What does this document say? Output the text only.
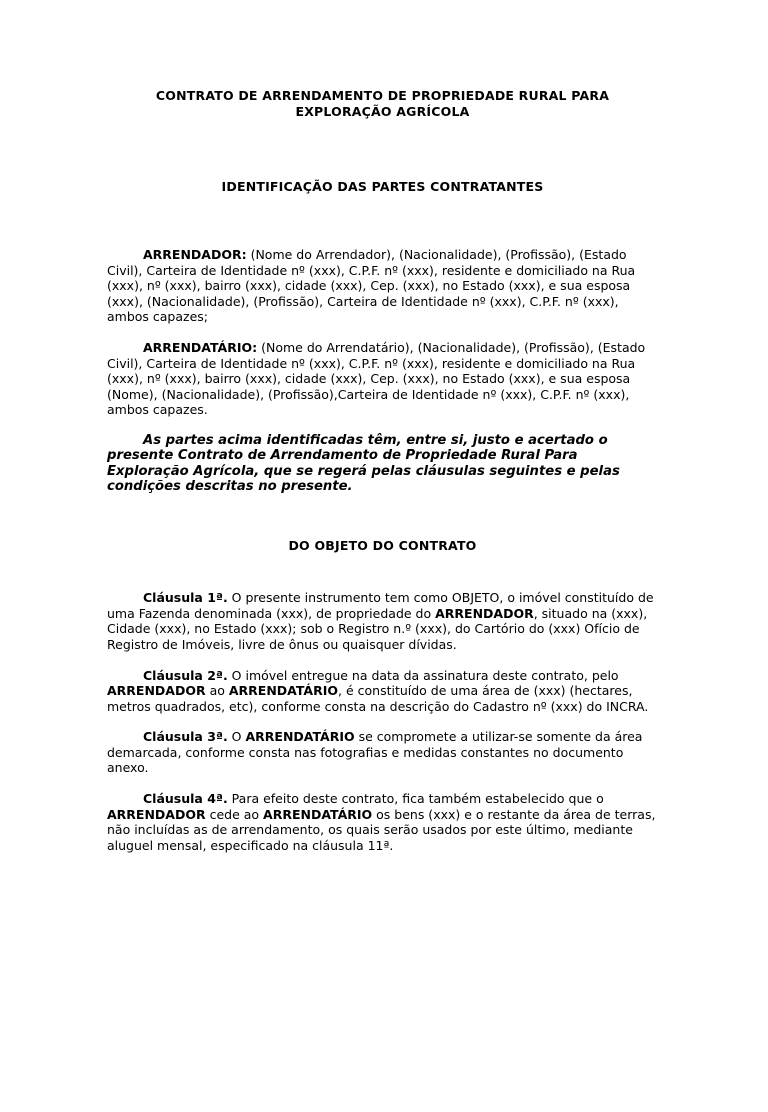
CONTRATO DE ARRENDAMENTO DE PROPRIEDADE RURAL PARA EXPLORAÇÃO AGRÍCOLA
IDENTIFICAÇÃO DAS PARTES CONTRATANTES

ARRENDADOR: (Nome do Arrendador), (Nacionalidade), (Profissão), (Estado Civil), Carteira de Identidade nº (xxx), C.P.F. nº (xxx), residente e domiciliado na Rua (xxx), nº (xxx), bairro (xxx), cidade (xxx), Cep. (xxx), no Estado (xxx), e sua esposa (xxx), (Nacionalidade), (Profissão), Carteira de Identidade nº (xxx), C.P.F. nº (xxx), ambos capazes;

ARRENDATÁRIO: (Nome do Arrendatário), (Nacionalidade), (Profissão), (Estado Civil), Carteira de Identidade nº (xxx), C.P.F. nº (xxx), residente e domiciliado na Rua (xxx), nº (xxx), bairro (xxx), cidade (xxx), Cep. (xxx), no Estado (xxx), e sua esposa (Nome), (Nacionalidade), (Profissão),Carteira de Identidade nº (xxx), C.P.F. nº (xxx), ambos capazes.

As partes acima identificadas têm, entre si, justo e acertado o presente Contrato de Arrendamento de Propriedade Rural Para Exploração Agrícola, que se regerá pelas cláusulas seguintes e pelas condições descritas no presente.

DO OBJETO DO CONTRATO

Cláusula 1ª. O presente instrumento tem como OBJETO, o imóvel constituído de uma Fazenda denominada (xxx), de propriedade do ARRENDADOR, situado na (xxx), Cidade (xxx), no Estado (xxx); sob o Registro n.º (xxx), do Cartório do (xxx) Ofício de Registro de Imóveis, livre de ônus ou quaisquer dívidas.

Cláusula 2ª. O imóvel entregue na data da assinatura deste contrato, pelo ARRENDADOR ao ARRENDATÁRIO, é constituído de uma área de (xxx) (hectares, metros quadrados, etc), conforme consta na descrição do Cadastro nº (xxx) do INCRA.

Cláusula 3ª. O ARRENDATÁRIO se compromete a utilizar-se somente da área demarcada, conforme consta nas fotografias e medidas constantes no documento anexo.

Cláusula 4ª. Para efeito deste contrato, fica também estabelecido que o ARRENDADOR cede ao ARRENDATÁRIO os bens (xxx) e o restante da área de terras, não incluídas as de arrendamento, os quais serão usados por este último, mediante aluguel mensal, especificado na cláusula 11ª.
